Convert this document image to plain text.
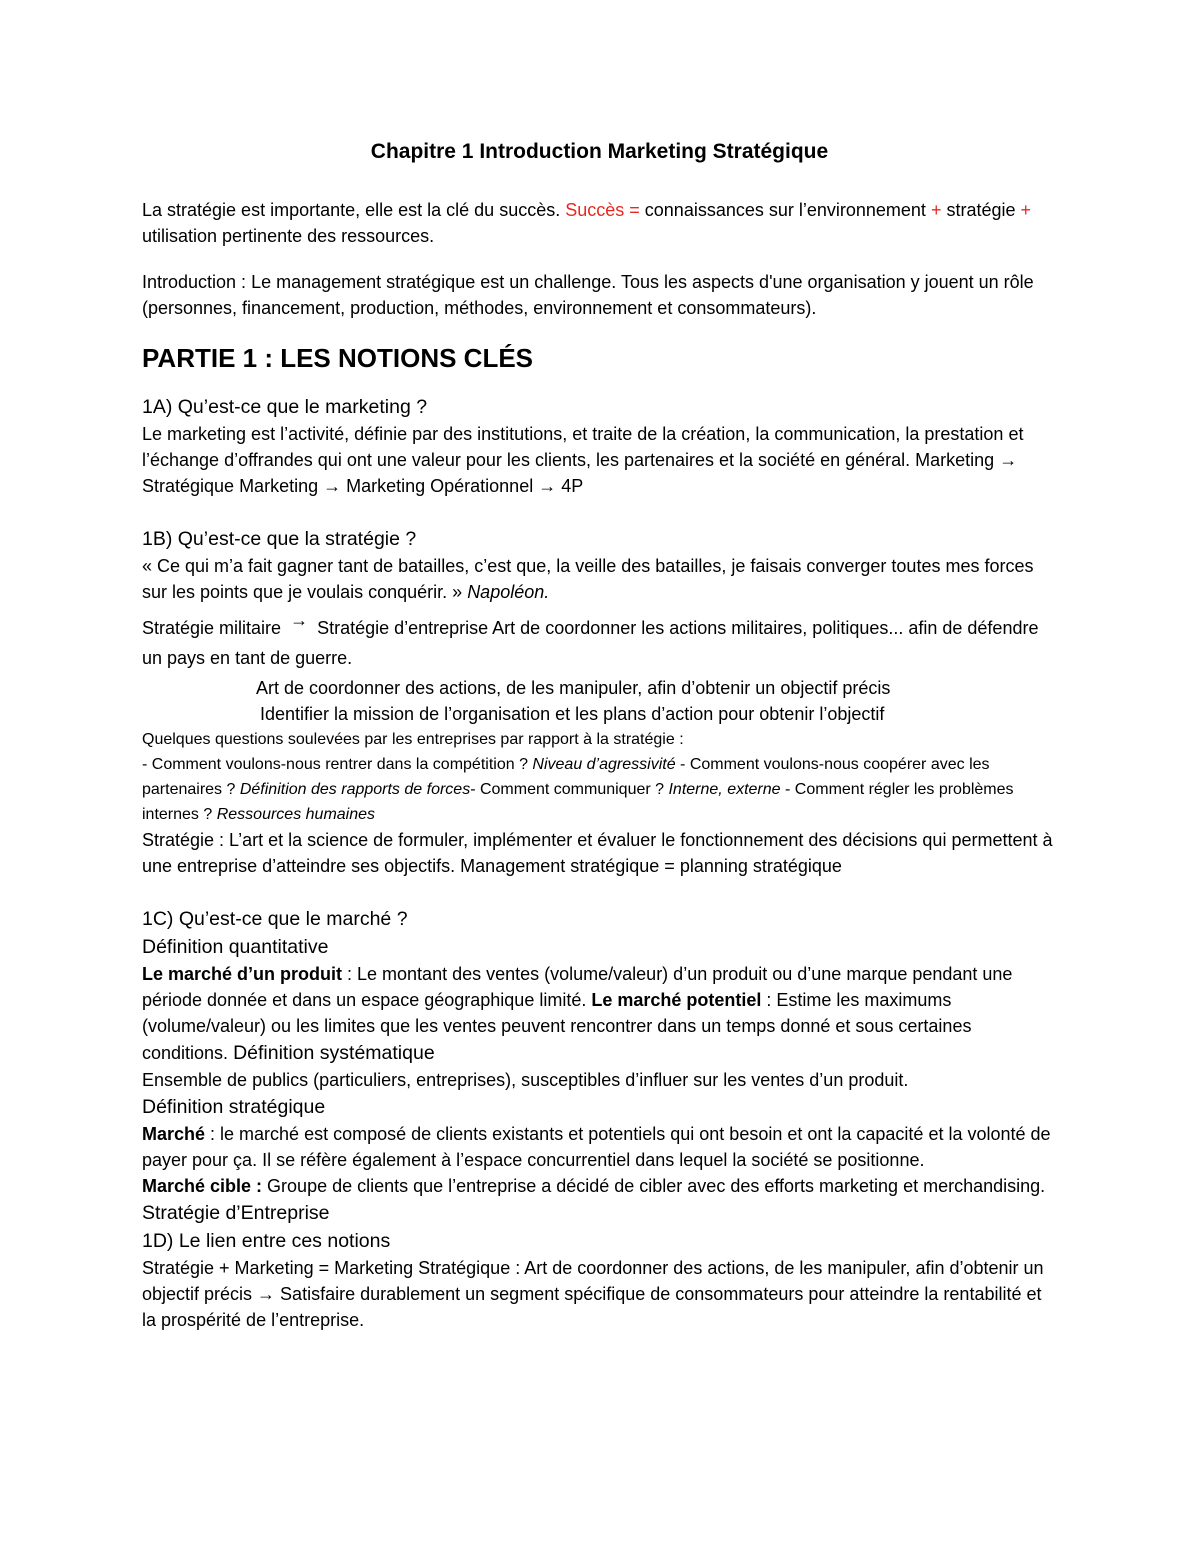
Chapitre 1 Introduction Marketing Stratégique

La stratégie est importante, elle est la clé du succès. Succès = connaissances sur l’environnement + stratégie + utilisation pertinente des ressources.

Introduction : Le management stratégique est un challenge. Tous les aspects d'une organisation y jouent un rôle (personnes, financement, production, méthodes, environnement et consommateurs).

PARTIE 1 : LES NOTIONS CLÉS
1A) Qu’est-ce que le marketing ?

Le marketing est l’activité, définie par des institutions, et traite de la création, la communication, la prestation et l’échange d’offrandes qui ont une valeur pour les clients, les partenaires et la société en général. Marketing → Stratégique Marketing → Marketing Opérationnel → 4P

1B) Qu’est-ce que la stratégie ?

« Ce qui m’a fait gagner tant de batailles, c’est que, la veille des batailles, je faisais converger toutes mes forces sur les points que je voulais conquérir. » Napoléon.

Stratégie militaire → Stratégie d’entreprise Art de coordonner les actions militaires, politiques... afin de défendre un pays en tant de guerre.

Art de coordonner des actions, de les manipuler, afin d’obtenir un objectif précis

Identifier la mission de l’organisation et les plans d’action pour obtenir l’objectif

Quelques questions soulevées par les entreprises par rapport à la stratégie :

- Comment voulons-nous rentrer dans la compétition ? Niveau d’agressivité - Comment voulons-nous coopérer avec les partenaires ? Définition des rapports de forces- Comment communiquer ? Interne, externe - Comment régler les problèmes internes ? Ressources humaines

Stratégie : L’art et la science de formuler, implémenter et évaluer le fonctionnement des décisions qui permettent à une entreprise d’atteindre ses objectifs. Management stratégique = planning stratégique

1C) Qu’est-ce que le marché ?
Définition quantitative

Le marché d’un produit : Le montant des ventes (volume/valeur) d’un produit ou d’une marque pendant une période donnée et dans un espace géographique limité. Le marché potentiel : Estime les maximums (volume/valeur) ou les limites que les ventes peuvent rencontrer dans un temps donné et sous certaines conditions. Définition systématique

Ensemble de publics (particuliers, entreprises), susceptibles d’influer sur les ventes d’un produit.

Définition stratégique

Marché : le marché est composé de clients existants et potentiels qui ont besoin et ont la capacité et la volonté de payer pour ça. Il se réfère également à l’espace concurrentiel dans lequel la société se positionne.

Marché cible : Groupe de clients que l’entreprise a décidé de cibler avec des efforts marketing et merchandising.

Stratégie d’Entreprise
1D) Le lien entre ces notions

Stratégie + Marketing = Marketing Stratégique : Art de coordonner des actions, de les manipuler, afin d’obtenir un objectif précis → Satisfaire durablement un segment spécifique de consommateurs pour atteindre la rentabilité et la prospérité de l’entreprise.
